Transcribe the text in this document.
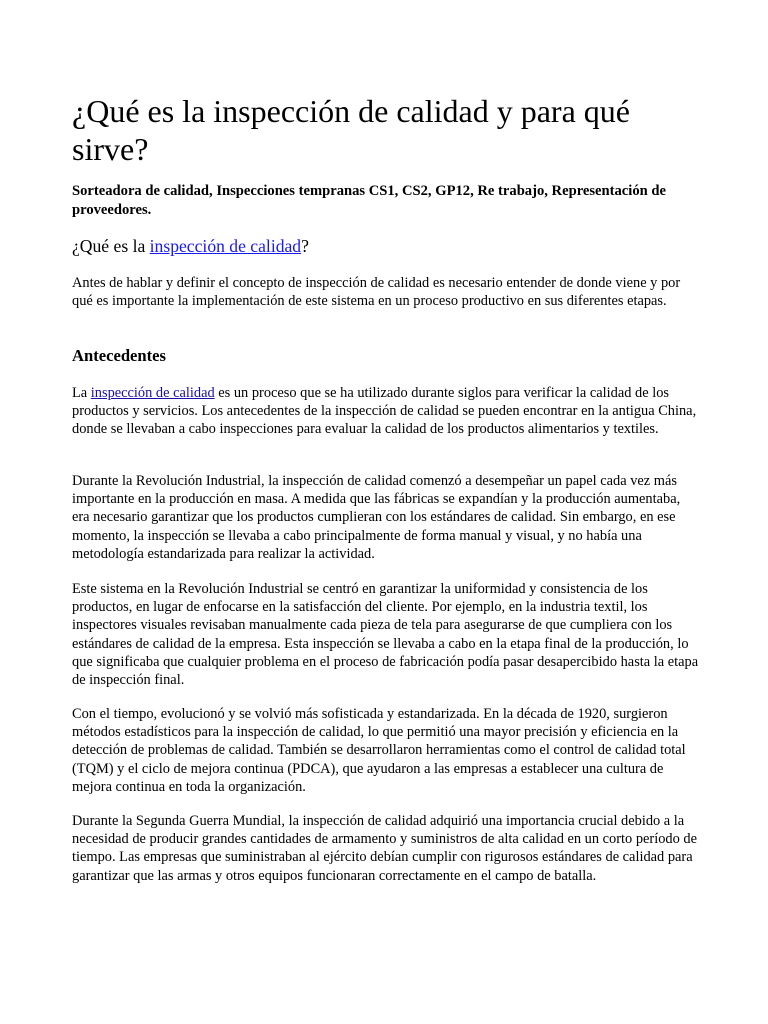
¿Qué es la inspección de calidad y para qué sirve?

Sorteadora de calidad, Inspecciones tempranas CS1, CS2, GP12, Re trabajo, Representación de proveedores.

¿Qué es la inspección de calidad?

Antes de hablar y definir el concepto de inspección de calidad es necesario entender de donde viene y por qué es importante la implementación de este sistema en un proceso productivo en sus diferentes etapas.

Antecedentes

La inspección de calidad es un proceso que se ha utilizado durante siglos para verificar la calidad de los productos y servicios. Los antecedentes de la inspección de calidad se pueden encontrar en la antigua China, donde se llevaban a cabo inspecciones para evaluar la calidad de los productos alimentarios y textiles.

Durante la Revolución Industrial, la inspección de calidad comenzó a desempeñar un papel cada vez más importante en la producción en masa. A medida que las fábricas se expandían y la producción aumentaba, era necesario garantizar que los productos cumplieran con los estándares de calidad. Sin embargo, en ese momento, la inspección se llevaba a cabo principalmente de forma manual y visual, y no había una metodología estandarizada para realizar la actividad.

Este sistema en la Revolución Industrial se centró en garantizar la uniformidad y consistencia de los productos, en lugar de enfocarse en la satisfacción del cliente. Por ejemplo, en la industria textil, los inspectores visuales revisaban manualmente cada pieza de tela para asegurarse de que cumpliera con los estándares de calidad de la empresa. Esta inspección se llevaba a cabo en la etapa final de la producción, lo que significaba que cualquier problema en el proceso de fabricación podía pasar desapercibido hasta la etapa de inspección final.

Con el tiempo, evolucionó y se volvió más sofisticada y estandarizada. En la década de 1920, surgieron métodos estadísticos para la inspección de calidad, lo que permitió una mayor precisión y eficiencia en la detección de problemas de calidad. También se desarrollaron herramientas como el control de calidad total (TQM) y el ciclo de mejora continua (PDCA), que ayudaron a las empresas a establecer una cultura de mejora continua en toda la organización.

Durante la Segunda Guerra Mundial, la inspección de calidad adquirió una importancia crucial debido a la necesidad de producir grandes cantidades de armamento y suministros de alta calidad en un corto período de tiempo. Las empresas que suministraban al ejército debían cumplir con rigurosos estándares de calidad para garantizar que las armas y otros equipos funcionaran correctamente en el campo de batalla.
